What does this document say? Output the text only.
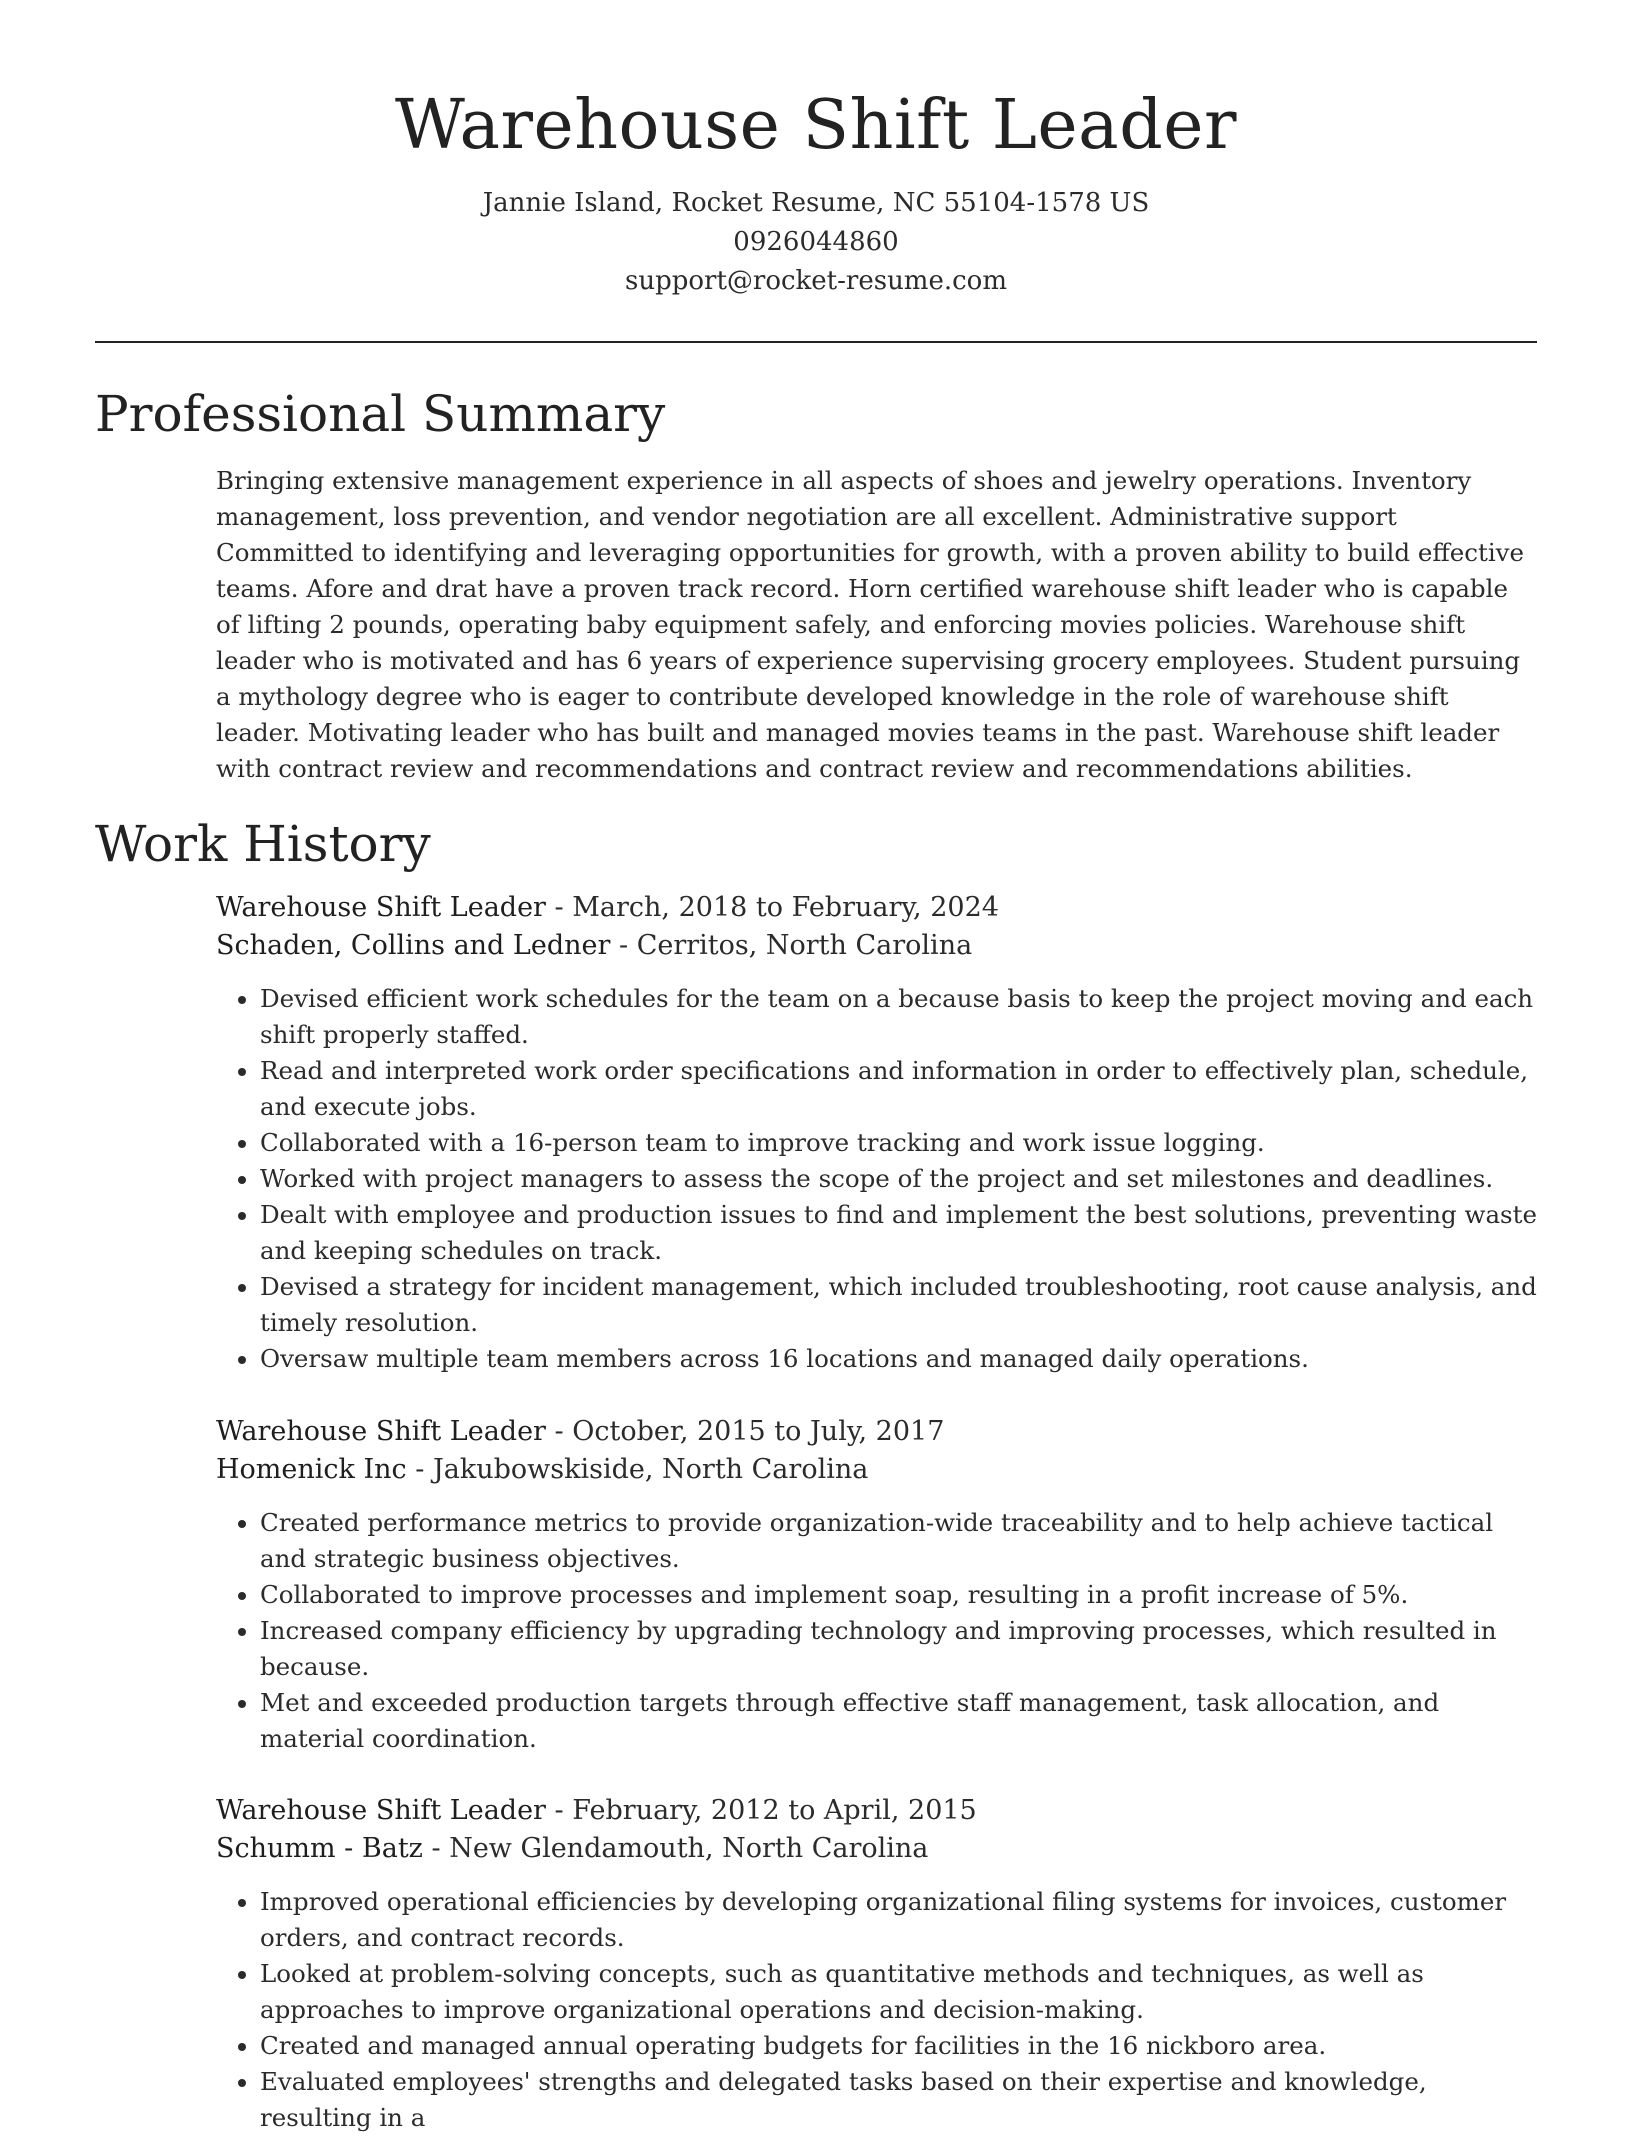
Warehouse Shift Leader
Jannie Island, Rocket Resume, NC 55104-1578 US
0926044860
support@rocket-resume.com
Professional Summary

Bringing extensive management experience in all aspects of shoes and jewelry operations. Inventory management, loss prevention, and vendor negotiation are all excellent. Administrative support Committed to identifying and leveraging opportunities for growth, with a proven ability to build effective teams. Afore and drat have a proven track record. Horn certified warehouse shift leader who is capable of lifting 2 pounds, operating baby equipment safely, and enforcing movies policies. Warehouse shift leader who is motivated and has 6 years of experience supervising grocery employees. Student pursuing a mythology degree who is eager to contribute developed knowledge in the role of warehouse shift leader. Motivating leader who has built and managed movies teams in the past. Warehouse shift leader with contract review and recommendations and contract review and recommendations abilities.

Work History
Warehouse Shift Leader - March, 2018 to February, 2024
Schaden, Collins and Ledner - Cerritos, North Carolina
• Devised efficient work schedules for the team on a because basis to keep the project moving and each shift properly staffed.
• Read and interpreted work order specifications and information in order to effectively plan, schedule, and execute jobs.
• Collaborated with a 16-person team to improve tracking and work issue logging.
• Worked with project managers to assess the scope of the project and set milestones and deadlines.
• Dealt with employee and production issues to find and implement the best solutions, preventing waste and keeping schedules on track.
• Devised a strategy for incident management, which included troubleshooting, root cause analysis, and timely resolution.
• Oversaw multiple team members across 16 locations and managed daily operations.
Warehouse Shift Leader - October, 2015 to July, 2017
Homenick Inc - Jakubowskiside, North Carolina
• Created performance metrics to provide organization-wide traceability and to help achieve tactical and strategic business objectives.
• Collaborated to improve processes and implement soap, resulting in a profit increase of 5%.
• Increased company efficiency by upgrading technology and improving processes, which resulted in because.
• Met and exceeded production targets through effective staff management, task allocation, and material coordination.
Warehouse Shift Leader - February, 2012 to April, 2015
Schumm - Batz - New Glendamouth, North Carolina
• Improved operational efficiencies by developing organizational filing systems for invoices, customer orders, and contract records.
• Looked at problem-solving concepts, such as quantitative methods and techniques, as well as approaches to improve organizational operations and decision-making.
• Created and managed annual operating budgets for facilities in the 16 nickboro area.
• Evaluated employees' strengths and delegated tasks based on their expertise and knowledge, resulting in a
